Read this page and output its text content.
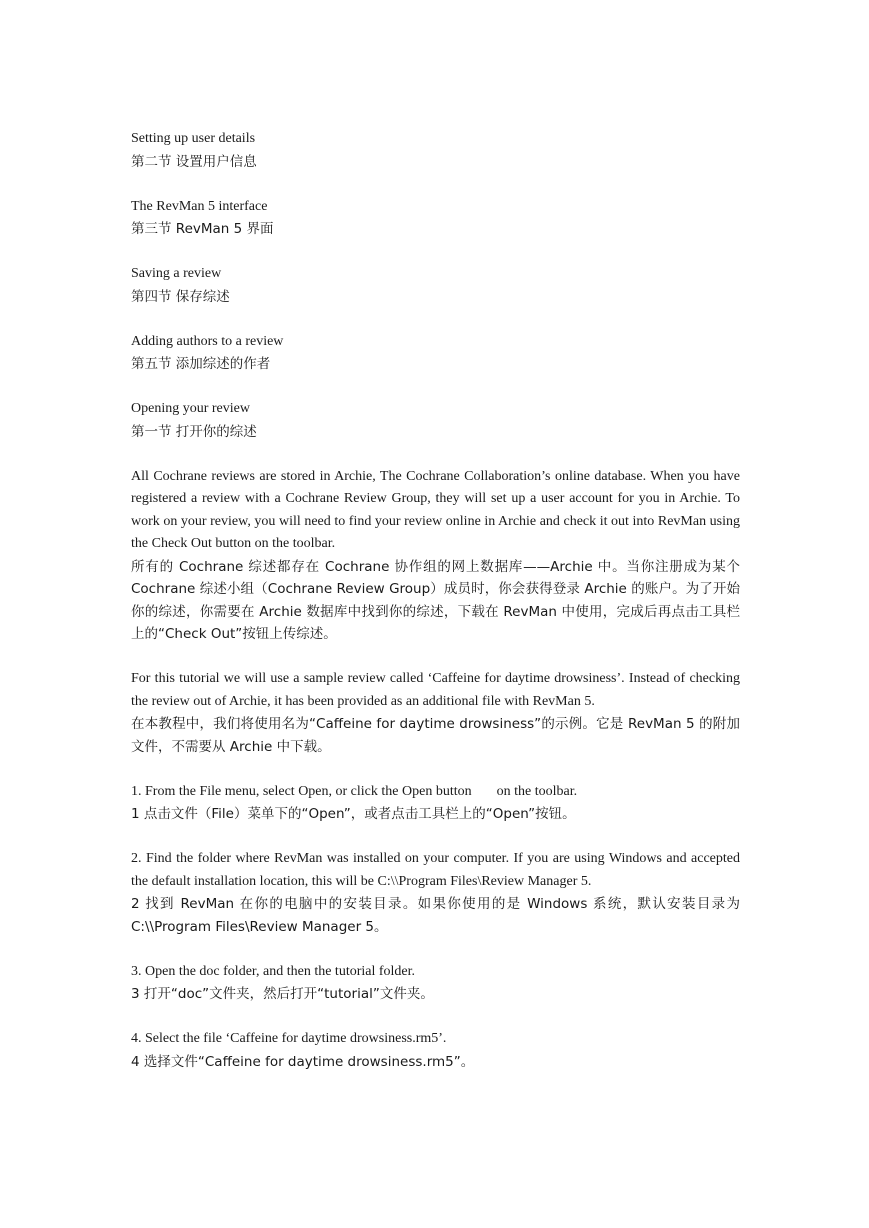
Setting up user details
第二节 设置用户信息
The RevMan 5 interface
第三节 RevMan 5 界面
Saving a review
第四节 保存综述
Adding authors to a review
第五节 添加综述的作者
Opening your review
第一节 打开你的综述
All Cochrane reviews are stored in Archie, The Cochrane Collaboration’s online database. When you have registered a review with a Cochrane Review Group, they will set up a user account for you in Archie. To work on your review, you will need to find your review online in Archie and check it out into RevMan using the Check Out button on the toolbar.
所有的 Cochrane 综述都存在 Cochrane 协作组的网上数据库——Archie 中。当你注册成为某个 Cochrane 综述小组（Cochrane Review Group）成员时，你会获得登录 Archie 的账户。为了开始你的综述，你需要在 Archie 数据库中找到你的综述，下载在 RevMan 中使用，完成后再点击工具栏上的“Check Out”按钮上传综述。
For this tutorial we will use a sample review called ‘Caffeine for daytime drowsiness’. Instead of checking the review out of Archie, it has been provided as an additional file with RevMan 5.
在本教程中，我们将使用名为“Caffeine for daytime drowsiness”的示例。它是 RevMan 5 的附加文件，不需要从 Archie 中下载。
1. From the File menu, select Open, or click the Open button on the toolbar.
1 点击文件（File）菜单下的“Open”，或者点击工具栏上的“Open”按钮。
2. Find the folder where RevMan was installed on your computer. If you are using Windows and accepted the default installation location, this will be C:\\Program Files\Review Manager 5.
2 找到 RevMan 在你的电脑中的安装目录。如果你使用的是 Windows 系统，默认安装目录为 C:\\Program Files\Review Manager 5。
3. Open the doc folder, and then the tutorial folder.
3 打开“doc”文件夹，然后打开“tutorial”文件夹。
4. Select the file ‘Caffeine for daytime drowsiness.rm5’.
4 选择文件“Caffeine for daytime drowsiness.rm5”。
